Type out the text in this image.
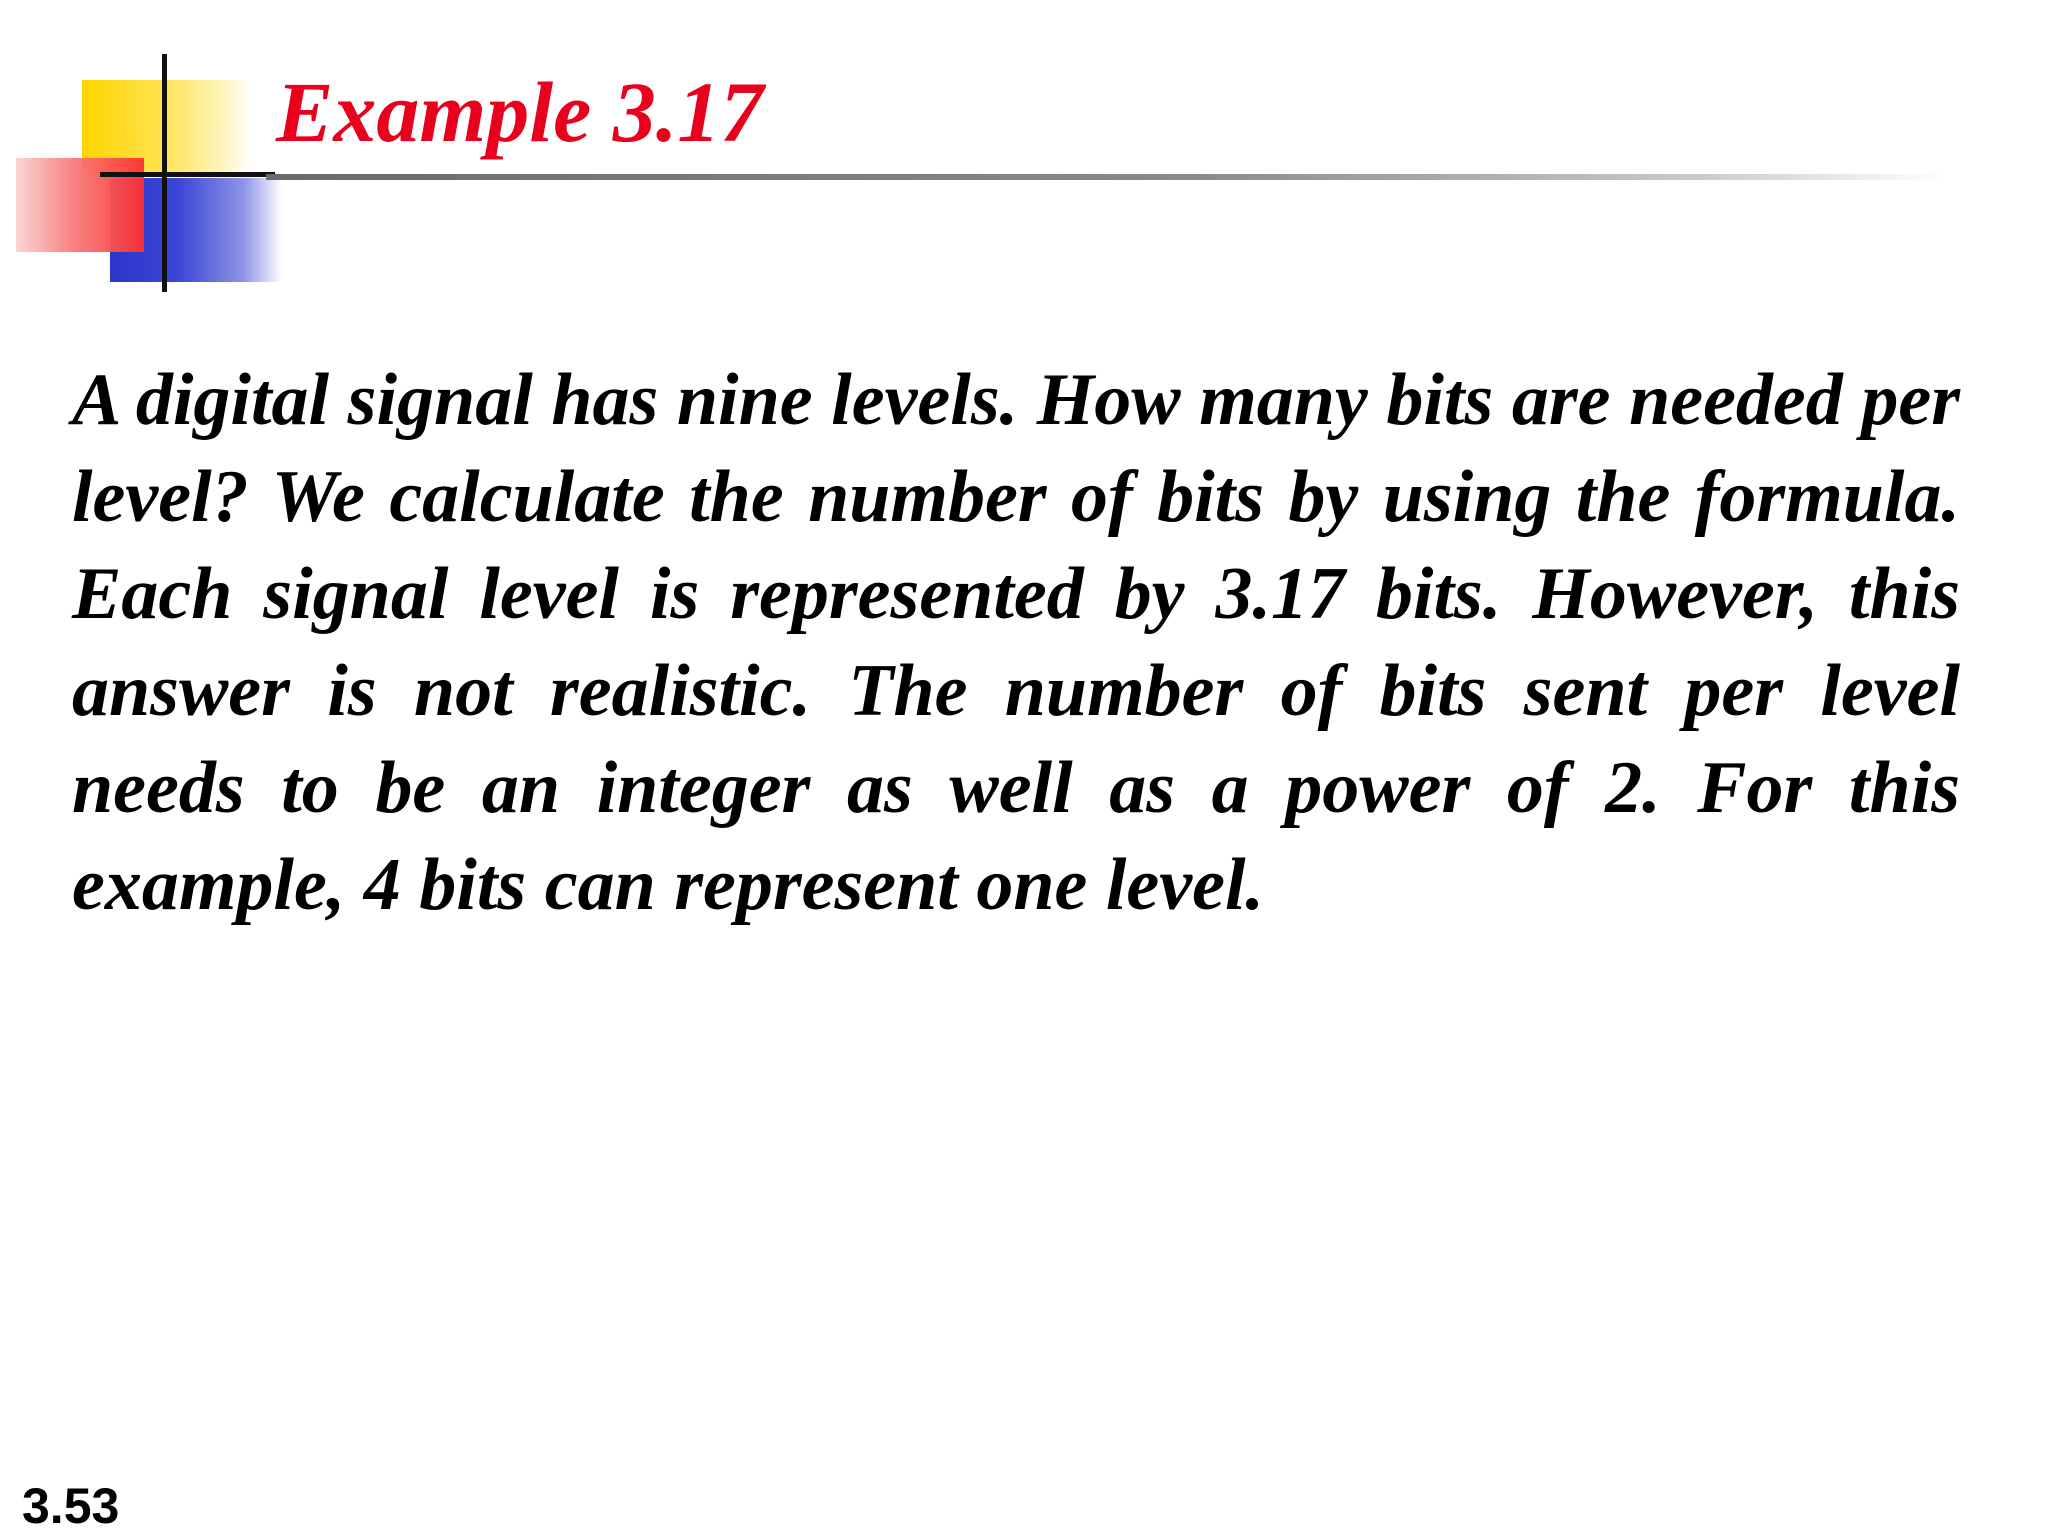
Example 3.17

A digital signal has nine levels. How many bits are needed per level? We calculate the number of bits by using the formula. Each signal level is represented by 3.17 bits. However, this answer is not realistic. The number of bits sent per level needs to be an integer as well as a power of 2. For this example, 4 bits can represent one level.

3.53
